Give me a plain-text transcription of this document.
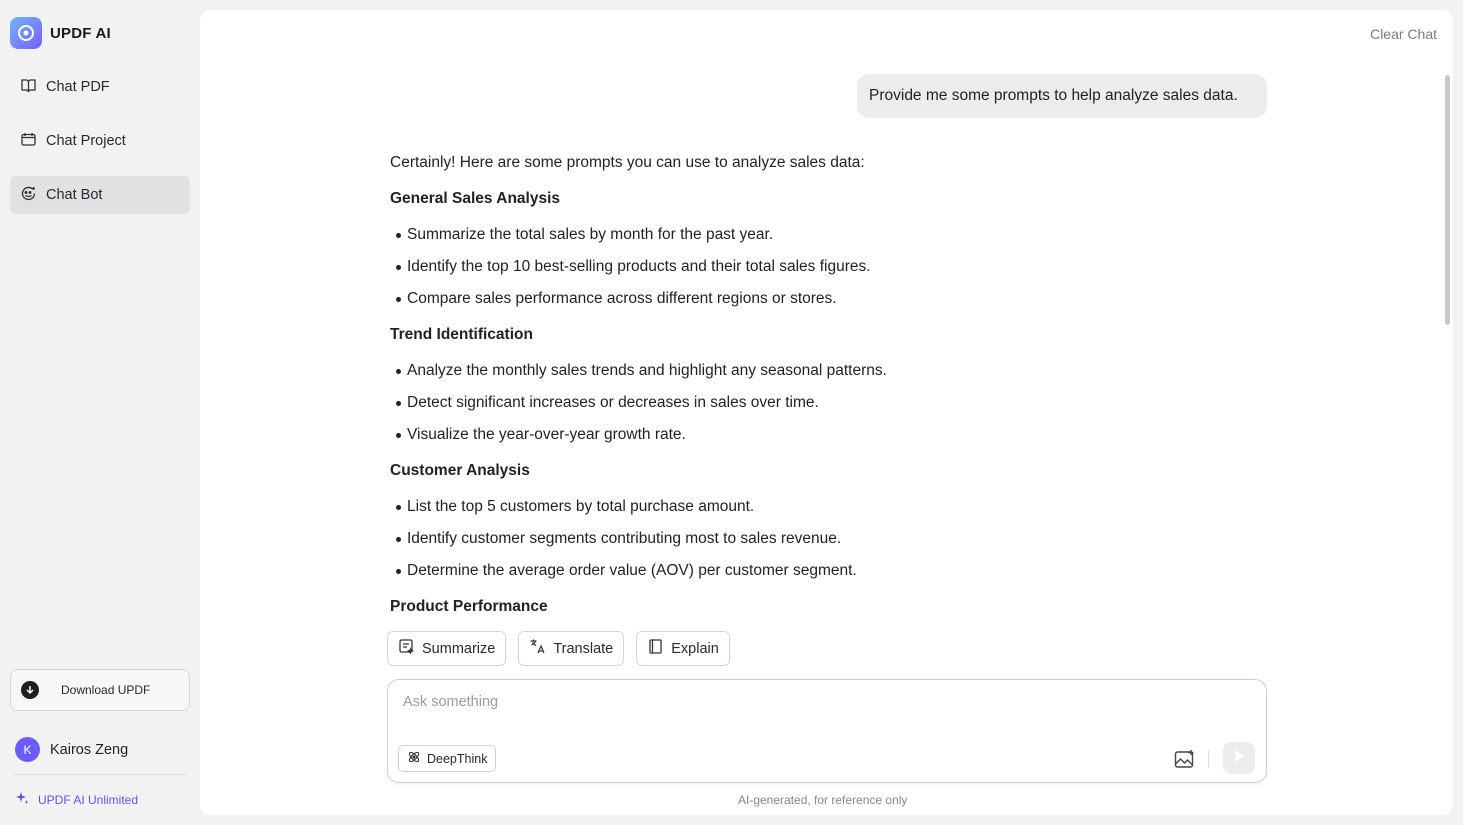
UPDF AI
Chat PDF
Chat Project
Chat Bot
Download UPDF
K	Kairos Zeng
UPDF AI Unlimited
Clear Chat
Provide me some prompts to help analyze sales data.
Certainly! Here are some prompts you can use to analyze sales data:
General Sales Analysis
Summarize the total sales by month for the past year.
Identify the top 10 best-selling products and their total sales figures.
Compare sales performance across different regions or stores.
Trend Identification
Analyze the monthly sales trends and highlight any seasonal patterns.
Detect significant increases or decreases in sales over time.
Visualize the year-over-year growth rate.
Customer Analysis
List the top 5 customers by total purchase amount.
Identify customer segments contributing most to sales revenue.
Determine the average order value (AOV) per customer segment.
Product Performance
Summarize	Translate	Explain
Ask something
DeepThink
AI-generated, for reference only
